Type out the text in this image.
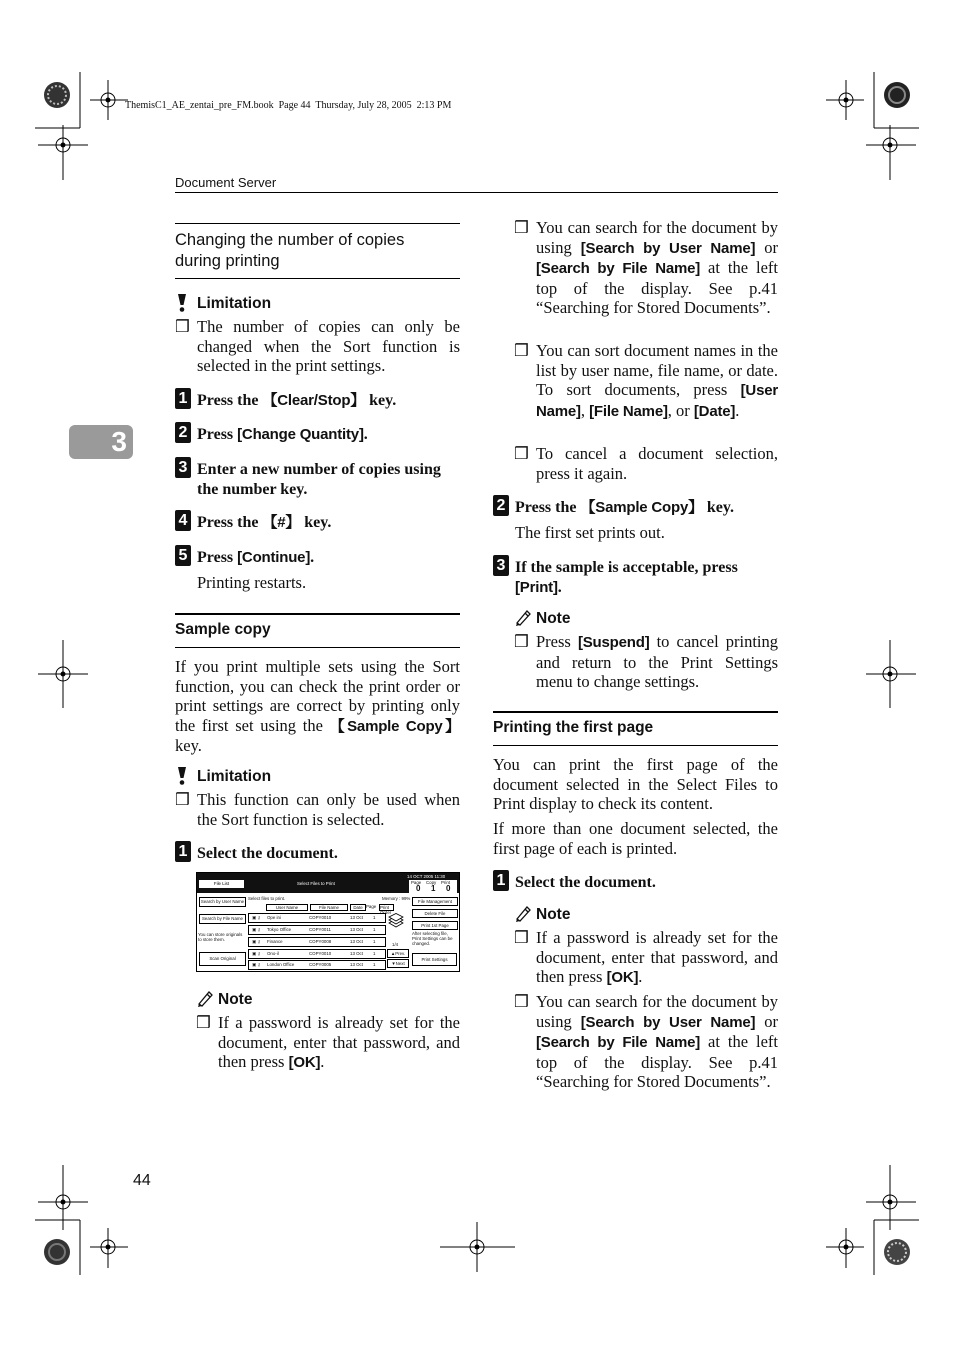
ThemisC1_AE_zentai_pre_FM.book  Page 44  Thursday, July 28, 2005  2:13 PM
Document Server
3
44
Changing the number of copies during printing
Limitation
❒ The number of copies can only be changed when the Sort function is selected in the print settings.
1 Press the 【Clear/Stop】 key.
2 Press [Change Quantity].
3 Enter a new number of copies using the number key.
4 Press the 【#】 key.
5 Press [Continue].
Printing restarts.
Sample copy
If you print multiple sets using the Sort function, you can check the print order or print settings are correct by printing only the first set using the 【Sample Copy】 key.
Limitation
❒ This function can only be used when the Sort function is selected.
1 Select the document.
File List	Select Files to Print
14 OCT 2005 11:30
Page Copy Print
0 1 0
Search by User Name
Search by File Name
You can store originals to store them.
Scan Original
Select files to print.	Memory : 99%
User Name	File Name	Date Page Print Order
▣ ⚷ Ope ini	COPY0010	13 Oct 1
▣ ⚷ Tokyo Office	COPY0011	13 Oct 1
▣ ⚷ Finance	COPY0008	13 Oct 1
▣ ⚷ Ono-il	COPY0010	13 Oct 1
▣ ⚷ London Office	COPY0005	13 Oct 1
1/4
▲Prev.
▼Next
File Management
Delete File
Print 1st Page
After selecting file, Print Settings can be changed.
Print Settings
Note
❒ If a password is already set for the document, enter that password, and then press [OK].
❒ You can search for the document by using [Search by User Name] or [Search by File Name] at the left top of the display. See p.41 “Searching for Stored Documents”.
❒ You can sort document names in the list by user name, file name, or date. To sort documents, press [User Name], [File Name], or [Date].
❒ To cancel a document selection, press it again.
2 Press the 【Sample Copy】 key.
The first set prints out.
3 If the sample is acceptable, press [Print].
Note
❒ Press [Suspend] to cancel printing and return to the Print Settings menu to change settings.
Printing the first page
You can print the first page of the document selected in the Select Files to Print display to check its content.
If more than one document selected, the first page of each is printed.
1 Select the document.
Note
❒ If a password is already set for the document, enter that password, and then press [OK].
❒ You can search for the document by using [Search by User Name] or [Search by File Name] at the left top of the display. See p.41 “Searching for Stored Documents”.
